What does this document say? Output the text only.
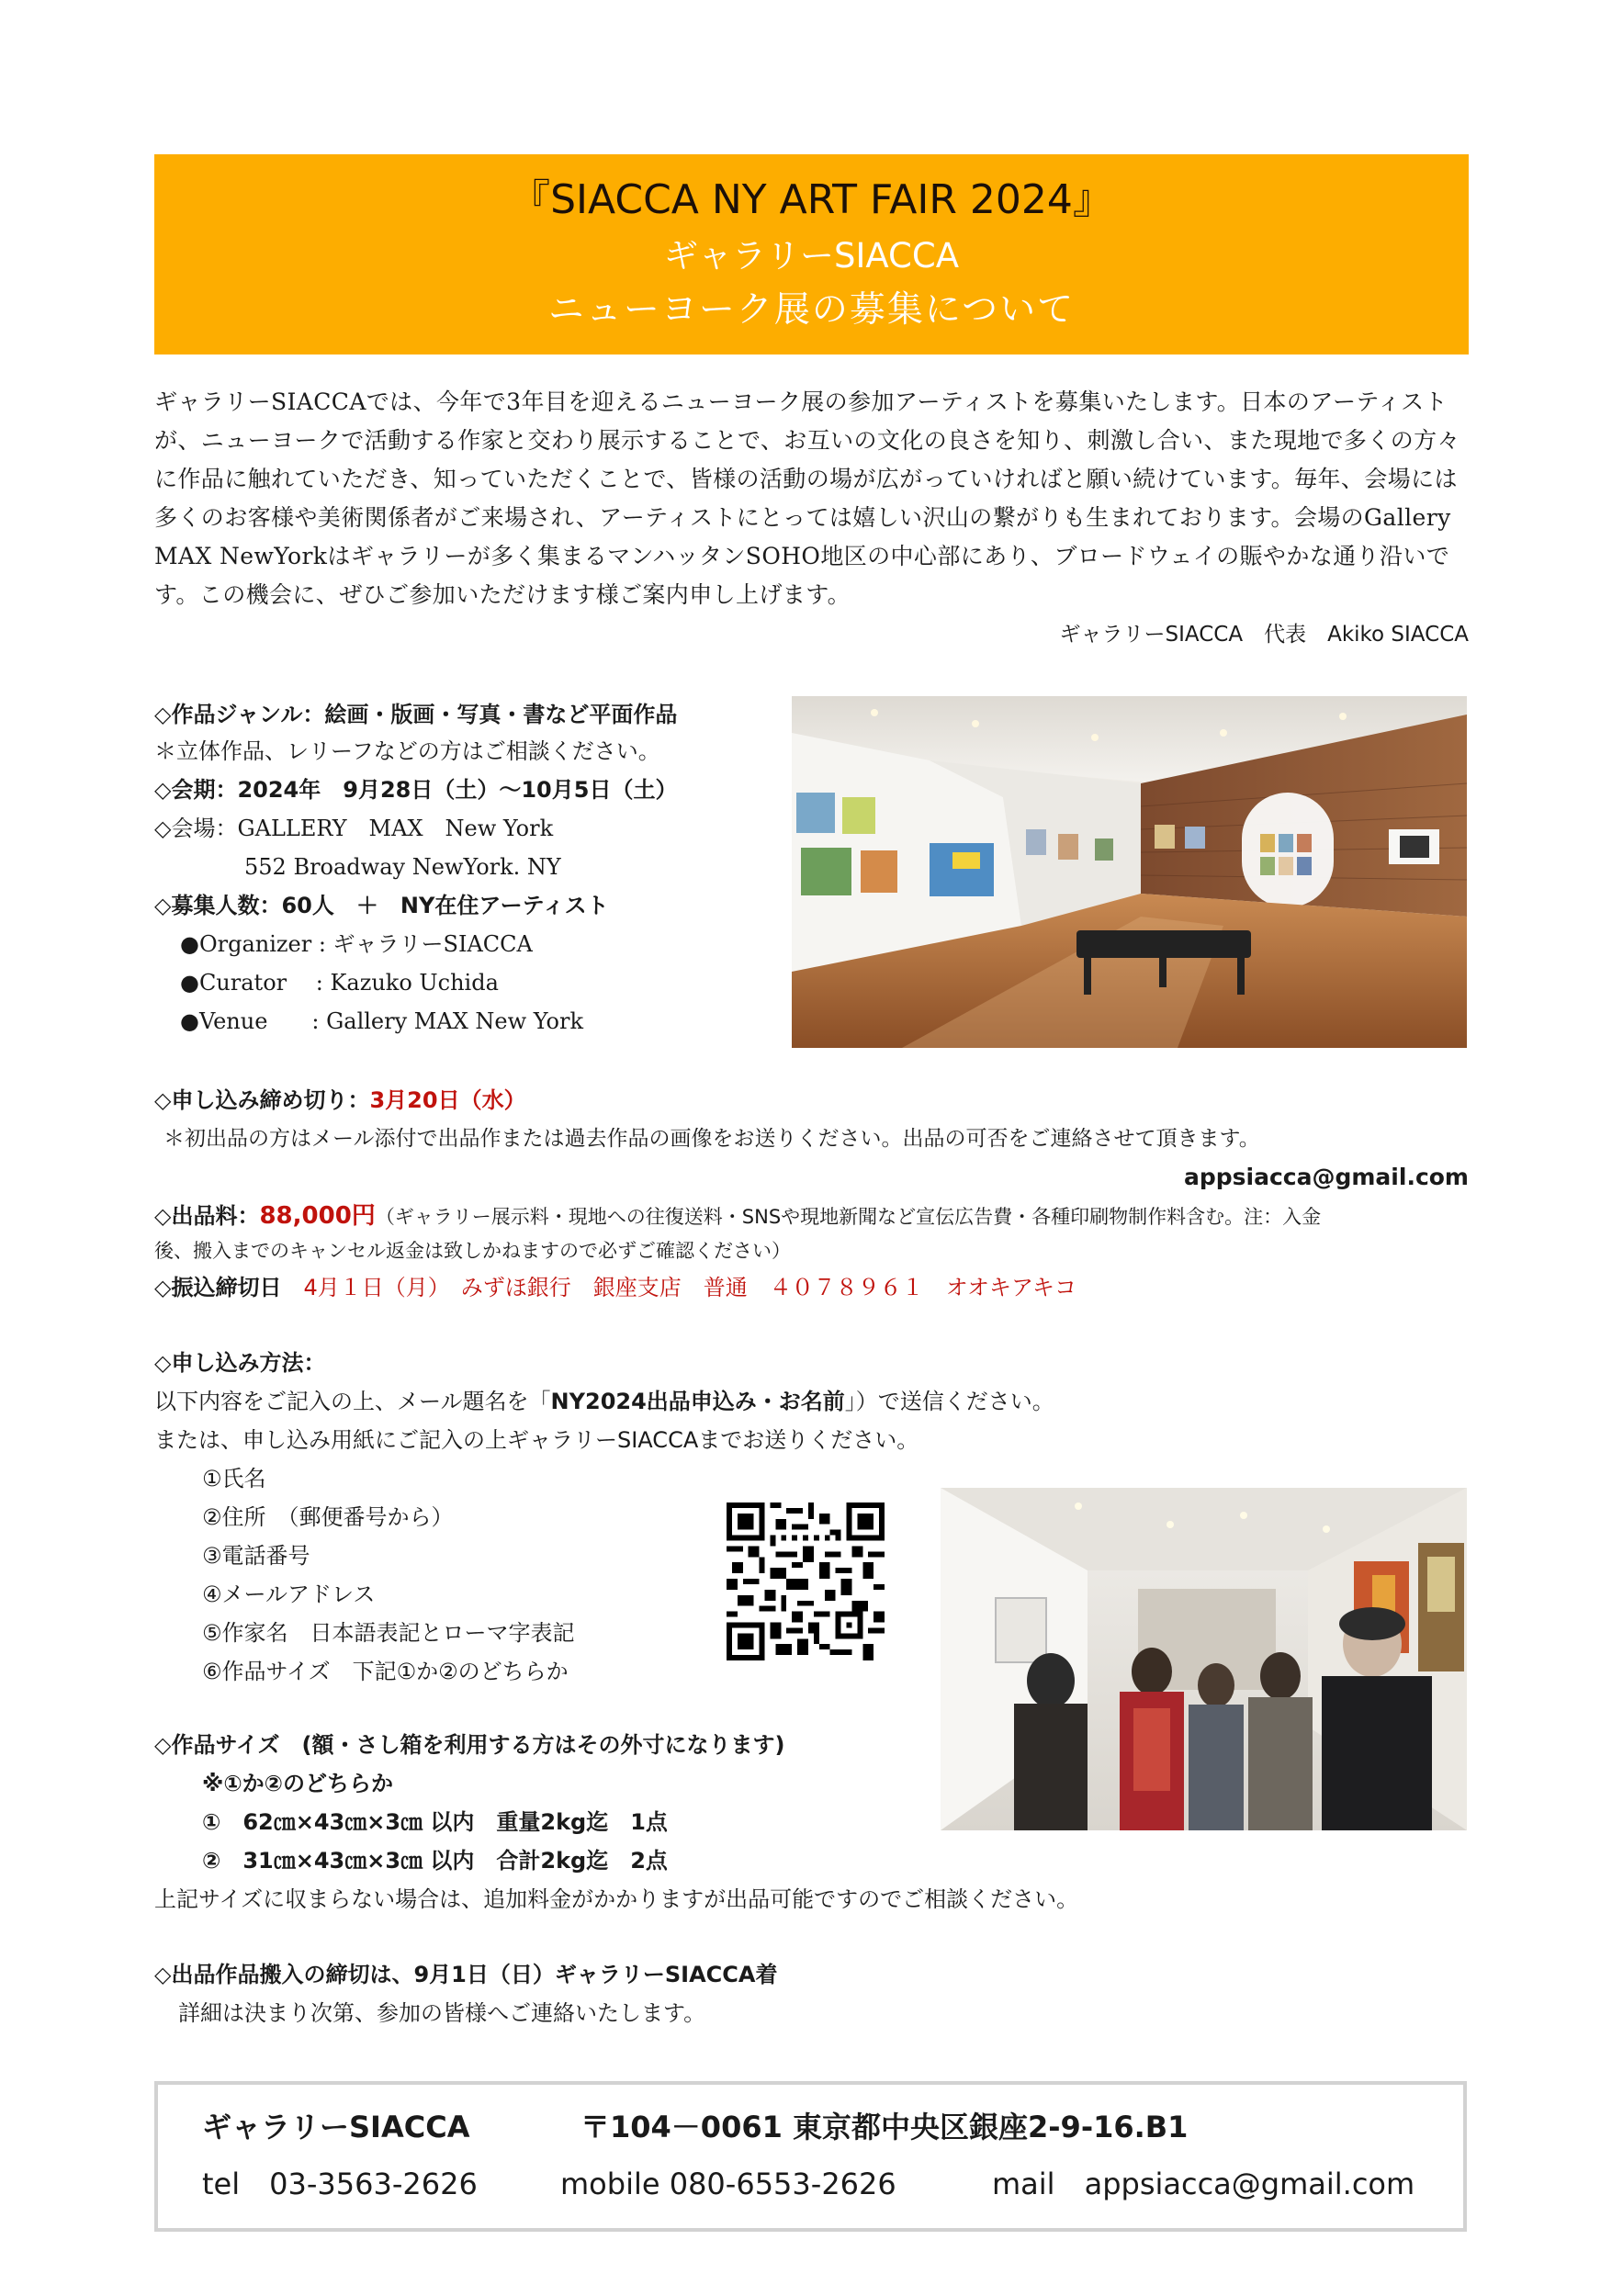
『SIACCA NY ART FAIR 2024』
ギャラリーSIACCA
ニューヨーク展の募集について
ギャラリーSIACCAでは、今年で3年目を迎えるニューヨーク展の参加アーティストを募集いたします。日本のアーティストが、ニューヨークで活動する作家と交わり展示することで、お互いの文化の良さを知り、刺激し合い、また現地で多くの方々に作品に触れていただき、知っていただくことで、皆様の活動の場が広がっていければと願い続けています。毎年、会場には多くのお客様や美術関係者がご来場され、アーティストにとっては嬉しい沢山の繋がりも生まれております。会場のGallery MAX NewYorkはギャラリーが多く集まるマンハッタンSOHO地区の中心部にあり、ブロードウェイの賑やかな通り沿いです。この機会に、ぜひご参加いただけます様ご案内申し上げます。
ギャラリーSIACCA　代表　Akiko SIACCA
◇作品ジャンル：絵画・版画・写真・書など平面作品
＊立体作品、レリーフなどの方はご相談ください。
◇会期：2024年　9月28日（土）〜10月5日（土）
◇会場：GALLERY　MAX　New York
552 Broadway NewYork. NY
◇募集人数：60人　＋　NY在住アーティスト
●Organizer : ギャラリーSIACCA
●Curator　 : Kazuko Uchida
●Venue　　: Gallery MAX New York
◇申し込み締め切り：3月20日（水）
＊初出品の方はメール添付で出品作または過去作品の画像をお送りください。出品の可否をご連絡させて頂きます。
appsiacca@gmail.com
◇出品料：88,000円（ギャラリー展示料・現地への往復送料・SNSや現地新聞など宣伝広告費・各種印刷物制作料含む。注：入金
後、搬入までのキャンセル返金は致しかねますので必ずご確認ください）
◇振込締切日　 4月１日（月）　みずほ銀行　銀座支店　普通　４０７８９６１　オオキアキコ
◇申し込み方法：
以下内容をご記入の上、メール題名を「NY2024出品申込み・お名前」）で送信ください。
または、申し込み用紙にご記入の上ギャラリーSIACCAまでお送りください。
①氏名
②住所　（郵便番号から）
③電話番号
④メールアドレス
⑤作家名　日本語表記とローマ字表記
⑥作品サイズ　下記①か②のどちらか
◇作品サイズ　(額・さし箱を利用する方はその外寸になります)
※①か②のどちらか
①　62㎝×43㎝×3㎝ 以内　重量2kg迄　1点
②　31㎝×43㎝×3㎝ 以内　合計2kg迄　2点
上記サイズに収まらない場合は、追加料金がかかりますが出品可能ですのでご相談ください。
◇出品作品搬入の締切は、9月1日（日）ギャラリーSIACCA着
詳細は決まり次第、参加の皆様へご連絡いたします。
ギャラリーSIACCA	〒104－0061 東京都中央区銀座2-9-16.B1
tel　 03-3563-2626	mobile 080-6553-2626	mail　 appsiacca@gmail.com
